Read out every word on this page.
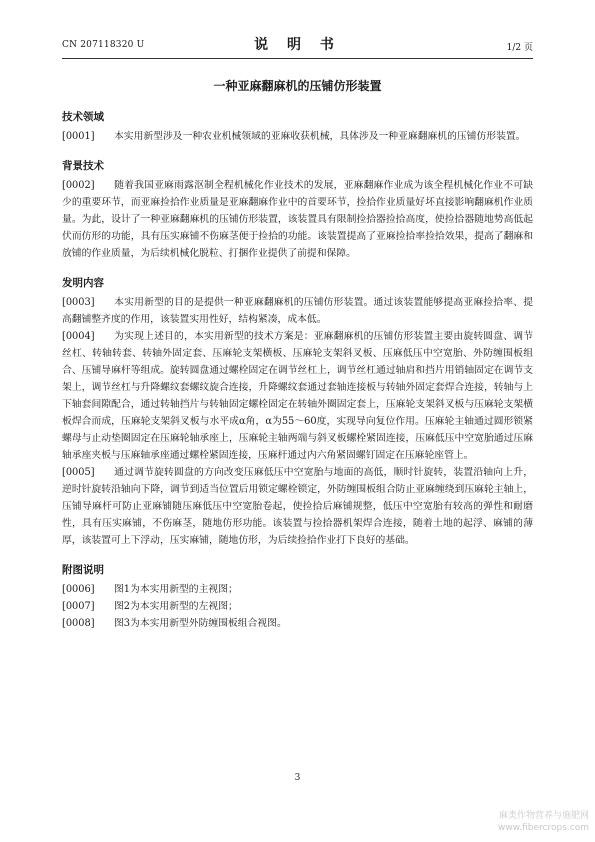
CN 207118320 U	说 明 书	1/2 页
一种亚麻翻麻机的压铺仿形装置
技术领域

[0001] 本实用新型涉及一种农业机械领域的亚麻收获机械，具体涉及一种亚麻翻麻机的压铺仿形装置。

背景技术

[0002] 随着我国亚麻雨露沤制全程机械化作业技术的发展，亚麻翻麻作业成为该全程机械化作业不可缺少的重要环节，而亚麻捡拾作业质量是亚麻翻麻作业中的首要环节，捡拾作业质量好坏直接影响翻麻机作业质量。为此，设计了一种亚麻翻麻机的压铺仿形装置，该装置具有限制捡拾器捡拾高度，使捡拾器随地势高低起伏而仿形的功能，具有压实麻铺不伤麻茎便于捡拾的功能。该装置提高了亚麻捡拾率捡拾效果，提高了翻麻和放铺的作业质量，为后续机械化脱粒、打捆作业提供了前提和保障。

发明内容

[0003] 本实用新型的目的是提供一种亚麻翻麻机的压铺仿形装置。通过该装置能够提高亚麻捡拾率、提高翻铺整齐度的作用，该装置实用性好，结构紧凑，成本低。

[0004] 为实现上述目的，本实用新型的技术方案是：亚麻翻麻机的压铺仿形装置主要由旋转圆盘、调节丝杠、转轴转套、转轴外固定套、压麻轮支架横板、压麻轮支架斜叉板、压麻低压中空宽胎、外防缠围板组合、压铺导麻杆等组成。旋转圆盘通过螺栓固定在调节丝杠上，调节丝杠通过轴肩和挡片用销轴固定在调节支架上，调节丝杠与升降螺纹套螺纹旋合连接，升降螺纹套通过套轴连接板与转轴外固定套焊合连接，转轴与上下轴套间隙配合，通过转轴挡片与转轴固定螺栓固定在转轴外圈固定套上，压麻轮支架斜叉板与压麻轮支架横板焊合而成，压麻轮支架斜叉板与水平成α角，α为55～60度，实现导向复位作用。压麻轮主轴通过圆形锁紧螺母与止动垫圈固定在压麻轮轴承座上，压麻轮主轴两端与斜叉板螺栓紧固连接，压麻低压中空宽胎通过压麻轴承座夹板与压麻轴承座通过螺栓紧固连接，压麻杆通过内六角紧固螺钉固定在压麻轮座管上。

[0005] 通过调节旋转圆盘的方向改变压麻低压中空宽胎与地面的高低，顺时针旋转，装置沿轴向上升，逆时针旋转沿轴向下降，调节到适当位置后用锁定螺栓锁定，外防缠围板组合防止亚麻缠绕到压麻轮主轴上，压铺导麻杆可防止亚麻铺随压麻低压中空宽胎卷起，使捡拾后麻铺规整，低压中空宽胎有较高的弹性和耐磨性，具有压实麻铺，不伤麻茎，随地仿形功能。该装置与捡拾器机架焊合连接，随着土地的起浮、麻铺的薄厚，该装置可上下浮动，压实麻铺，随地仿形，为后续捡拾作业打下良好的基础。

附图说明

[0006] 图1为本实用新型的主视图；

[0007] 图2为本实用新型的左视图；

[0008] 图3为本实用新型外防缠围板组合视图。

3
麻类作物营养与施肥网
www.fibercrops.com
